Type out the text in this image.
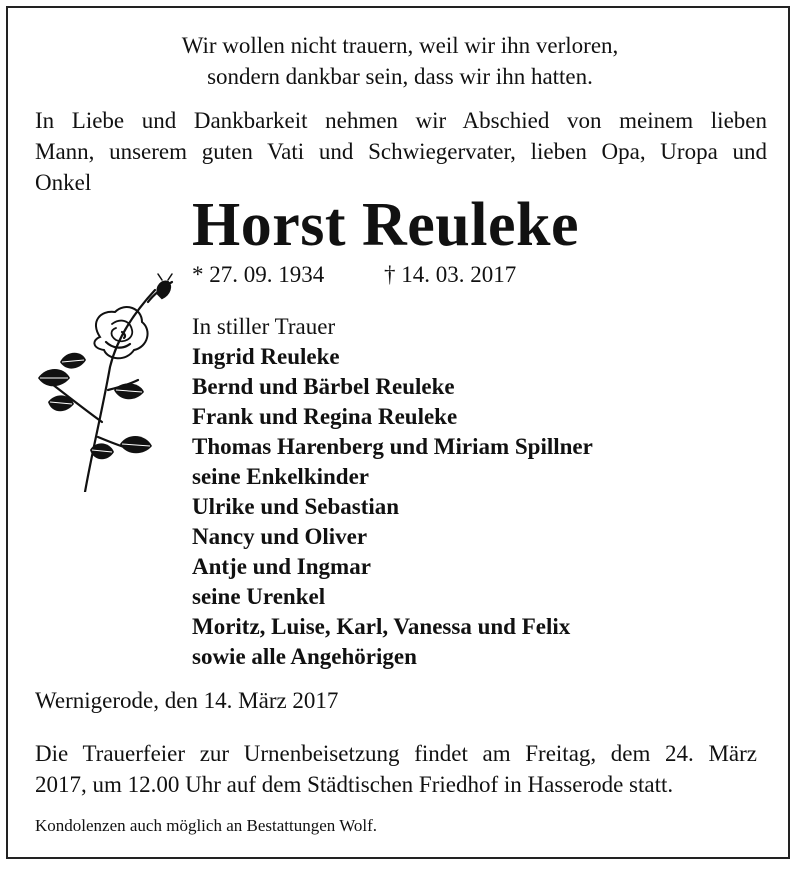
Wir wollen nicht trauern, weil wir ihn verloren,
sondern dankbar sein, dass wir ihn hatten.
In Liebe und Dankbarkeit nehmen wir Abschied von meinem lieben
Mann, unserem guten Vati und Schwiegervater, lieben Opa, Uropa und
Onkel
Horst Reuleke
* 27. 09. 1934	† 14. 03. 2017
In stiller Trauer
Ingrid Reuleke
Bernd und Bärbel Reuleke
Frank und Regina Reuleke
Thomas Harenberg und Miriam Spillner
seine Enkelkinder
Ulrike und Sebastian
Nancy und Oliver
Antje und Ingmar
seine Urenkel
Moritz, Luise, Karl, Vanessa und Felix
sowie alle Angehörigen
Wernigerode, den 14. März 2017
Die Trauerfeier zur Urnenbeisetzung findet am Freitag, dem 24. März
2017, um 12.00 Uhr auf dem Städtischen Friedhof in Hasserode statt.
Kondolenzen auch möglich an Bestattungen Wolf.
